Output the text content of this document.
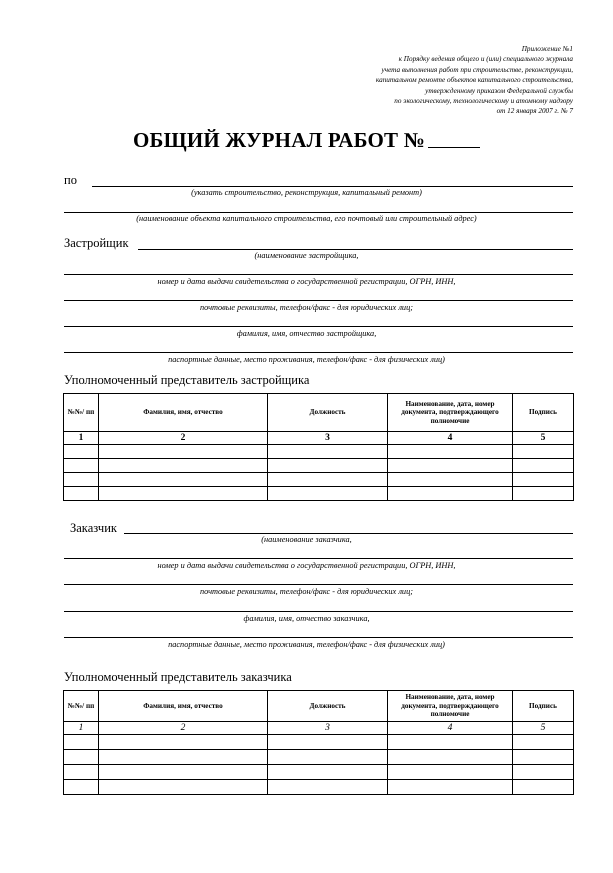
Приложение №1
к Порядку ведения общего и (или) специального журнала
учета выполнения работ при строительстве, реконструкции,
капитальном ремонте объектов капитального строительства,
утвержденному приказом Федеральной службы
по экологическому, технологическому и атомному надзору
от 12 января 2007 г. № 7
ОБЩИЙ ЖУРНАЛ РАБОТ №
по
(указать строительство, реконструкция, капитальный ремонт)
(наименование объекта капитального строительства, его почтовый или строительный адрес)
Застройщик
(наименование застройщика,
номер и дата выдачи свидетельства о государственной регистрации, ОГРН, ИНН,
почтовые реквизиты, телефон/факс - для юридических лиц;
фамилия, имя, отчество застройщика,
паспортные данные, место проживания, телефон/факс - для физических лиц)
Уполномоченный представитель застройщика
№№/ пп	Фамилия, имя, отчество	Должность	Наименование, дата, номер документа, подтверждающего полномочие	Подпись
1	2	3	4	5

Заказчик
(наименование заказчика,
номер и дата выдачи свидетельства о государственной регистрации, ОГРН, ИНН,
почтовые реквизиты, телефон/факс - для юридических лиц;
фамилия, имя, отчество заказчика,
паспортные данные, место проживания, телефон/факс - для физических лиц)
Уполномоченный представитель заказчика
№№/ пп	Фамилия, имя, отчество	Должность	Наименование, дата, номер документа, подтверждающего полномочие	Подпись
1	2	3	4	5
